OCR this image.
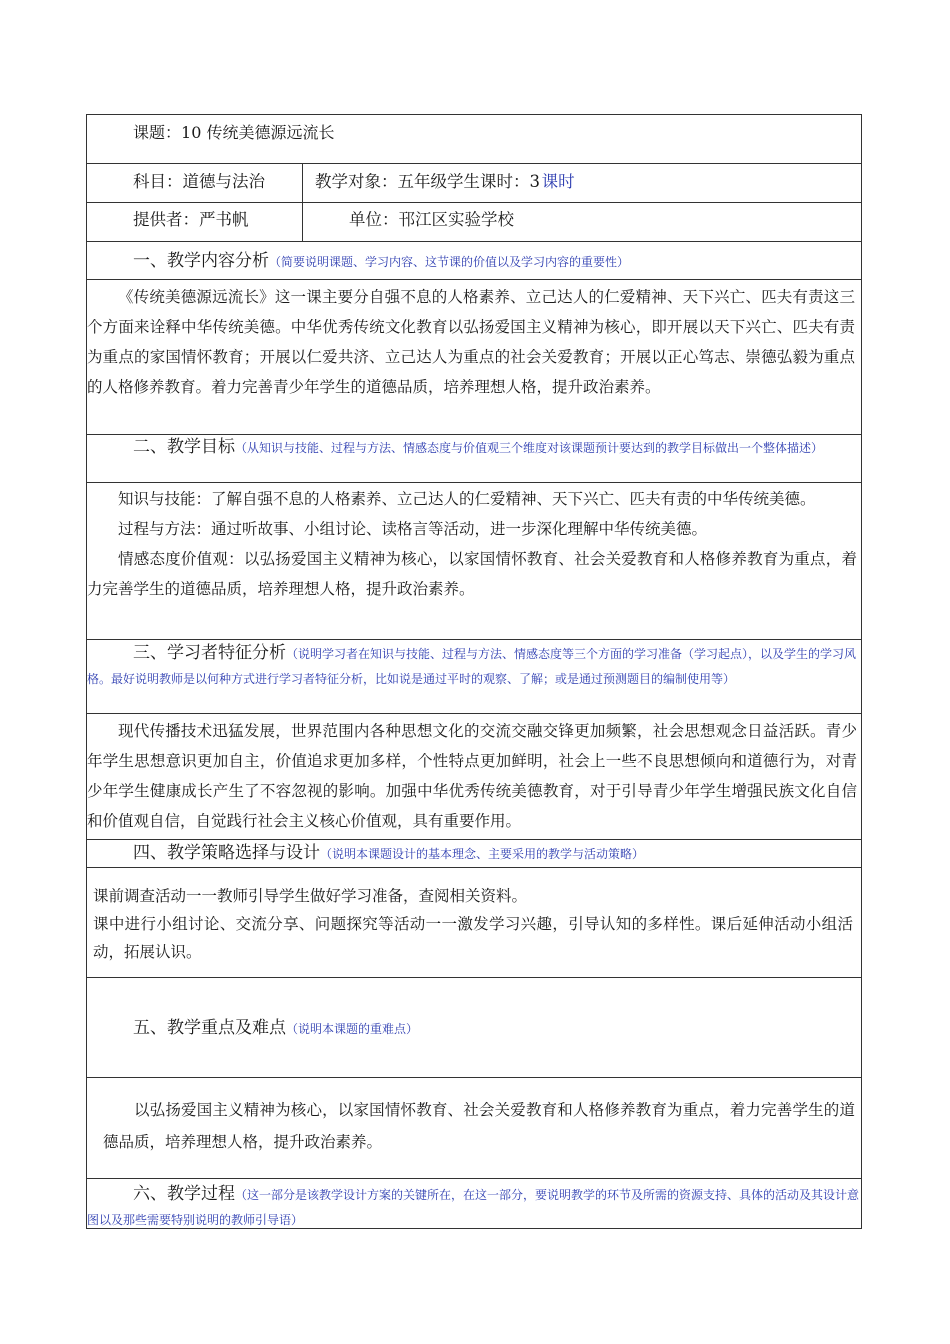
课题：10 传统美德源远流长
科目：道德与法治	教学对象：五年级学生课时：3  课时
提供者：严书帆	单位：邗江区实验学校
一、教学内容分析（简要说明课题、学习内容、这节课的价值以及学习内容的重要性）

《传统美德源远流长》这一课主要分自强不息的人格素养、立己达人的仁爱精神、天下兴亡、匹夫有责这三个方面来诠释中华传统美德。中华优秀传统文化教育以弘扬爱国主义精神为核心，即开展以天下兴亡、匹夫有责为重点的家国情怀教育；开展以仁爱共济、立己达人为重点的社会关爱教育；开展以正心笃志、崇德弘毅为重点的人格修养教育。着力完善青少年学生的道德品质，培养理想人格，提升政治素养。

二、教学目标（从知识与技能、过程与方法、情感态度与价值观三个维度对该课题预计要达到的教学目标做出一个整体描述）

知识与技能：了解自强不息的人格素养、立己达人的仁爱精神、天下兴亡、匹夫有责的中华传统美德。

过程与方法：通过听故事、小组讨论、读格言等活动，进一步深化理解中华传统美德。

情感态度价值观：以弘扬爱国主义精神为核心，以家国情怀教育、社会关爱教育和人格修养教育为重点，着力完善学生的道德品质，培养理想人格，提升政治素养。

三、学习者特征分析（说明学习者在知识与技能、过程与方法、情感态度等三个方面的学习准备（学习起点），以及学生的学习风格。最好说明教师是以何种方式进行学习者特征分析，比如说是通过平时的观察、了解；或是通过预测题目的编制使用等）

现代传播技术迅猛发展，世界范围内各种思想文化的交流交融交锋更加频繁，社会思想观念日益活跃。青少年学生思想意识更加自主，价值追求更加多样，个性特点更加鲜明，社会上一些不良思想倾向和道德行为，对青少年学生健康成长产生了不容忽视的影响。加强中华优秀传统美德教育，对于引导青少年学生增强民族文化自信和价值观自信，自觉践行社会主义核心价值观，具有重要作用。

四、教学策略选择与设计（说明本课题设计的基本理念、主要采用的教学与活动策略）

课前调查活动一一教师引导学生做好学习准备，查阅相关资料。

课中进行小组讨论、交流分享、问题探究等活动一一激发学习兴趣，引导认知的多样性。课后延伸活动小组活动，拓展认识。

五、教学重点及难点（说明本课题的重难点）

以弘扬爱国主义精神为核心，以家国情怀教育、社会关爱教育和人格修养教育为重点，着力完善学生的道德品质，培养理想人格，提升政治素养。

六、教学过程（这一部分是该教学设计方案的关键所在，在这一部分，要说明教学的环节及所需的资源支持、具体的活动及其设计意图以及那些需要特别说明的教师引导语）
